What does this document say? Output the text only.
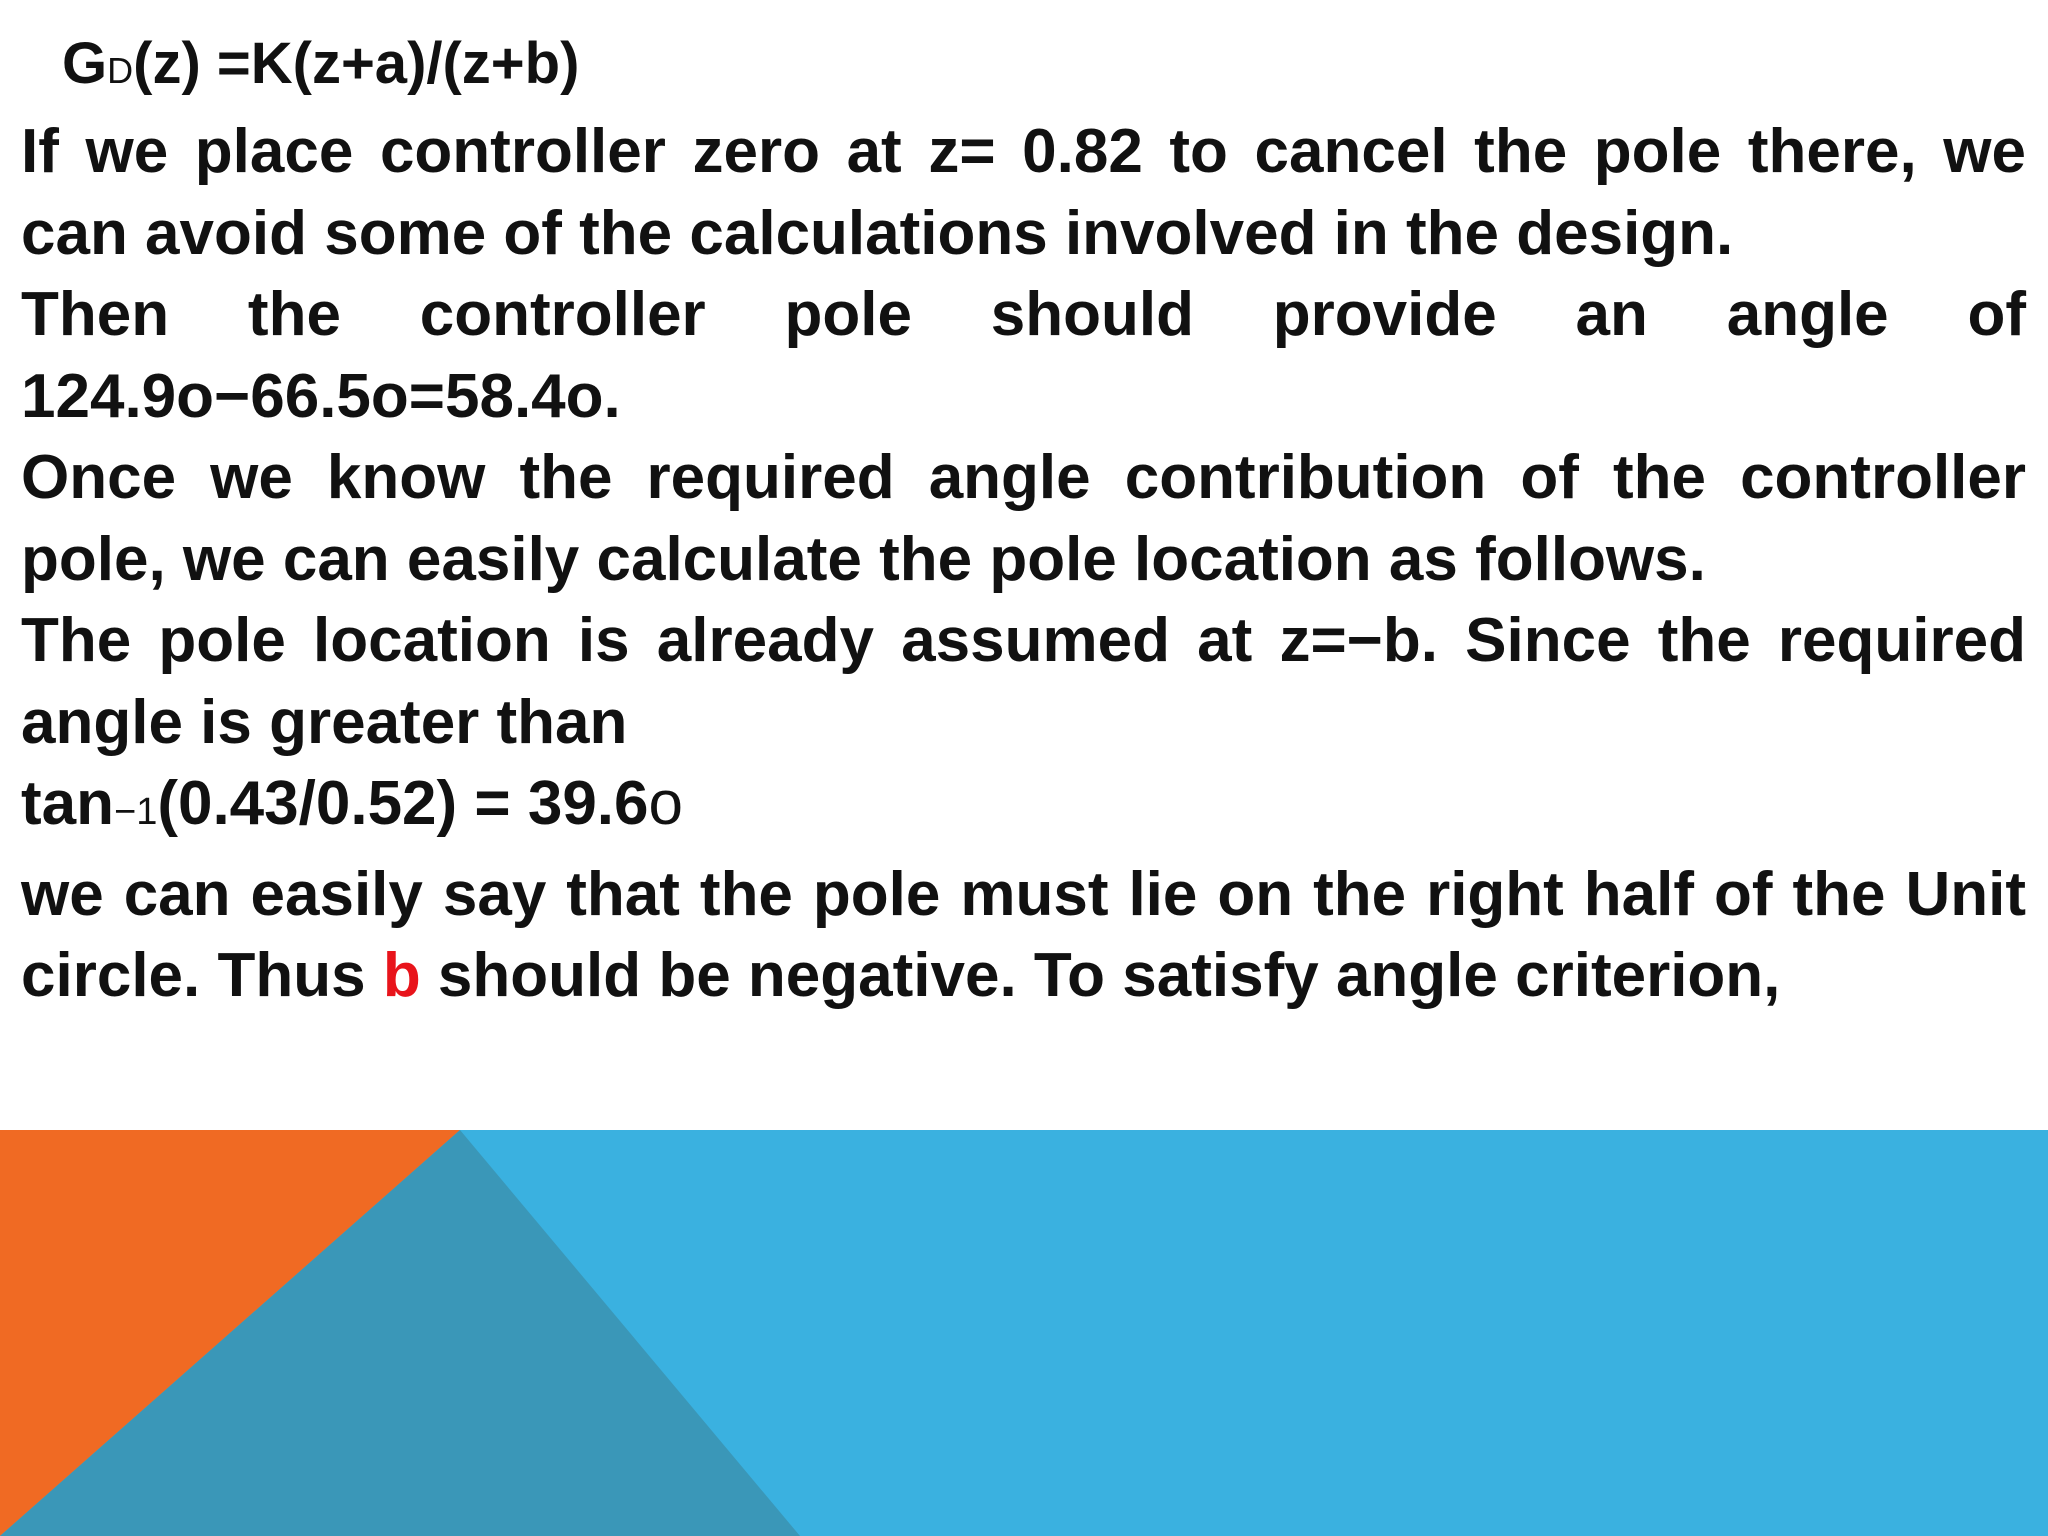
GD(z) =K(z+a)/(z+b)
If we place controller zero at z= 0.82 to cancel the pole there, we can avoid some of the calculations involved in the design.
Then the controller pole should provide an angle of 124.9o−66.5o=58.4o.
Once we know the required angle contribution of the controller pole, we can easily calculate the pole location as follows.
The pole location is already assumed at z=−b. Since the required angle is greater than
tan−1(0.43/0.52) = 39.6o
we can easily say that the pole must lie on the right half of the Unit circle. Thus b should be negative. To satisfy angle criterion,
